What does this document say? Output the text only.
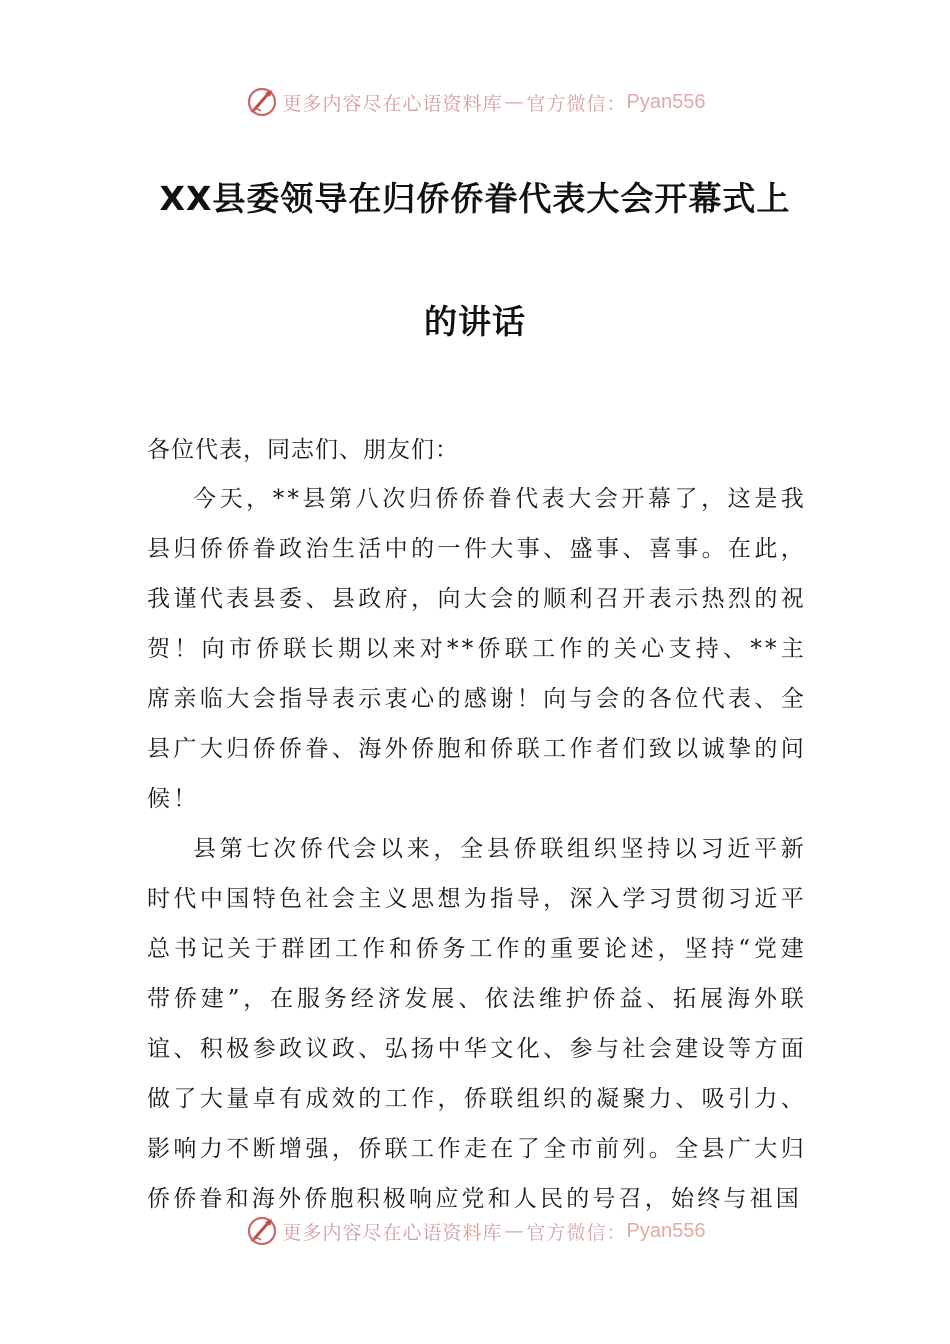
更多内容尽在心语资料库 — 官方微信： Pyan556
XX县委领导在归侨侨眷代表大会开幕式上
的讲话
各位代表，同志们、朋友们：

今天，**县第八次归侨侨眷代表大会开幕了，这是我县归侨侨眷政治生活中的一件大事、盛事、喜事。在此，我谨代表县委、县政府，向大会的顺利召开表示热烈的祝贺！向市侨联长期以来对**侨联工作的关心支持、**主席亲临大会指导表示衷心的感谢！向与会的各位代表、全县广大归侨侨眷、海外侨胞和侨联工作者们致以诚挚的问候！

县第七次侨代会以来，全县侨联组织坚持以习近平新时代中国特色社会主义思想为指导，深入学习贯彻习近平总书记关于群团工作和侨务工作的重要论述，坚持“党建带侨建”，在服务经济发展、依法维护侨益、拓展海外联谊、积极参政议政、弘扬中华文化、参与社会建设等方面做了大量卓有成效的工作，侨联组织的凝聚力、吸引力、影响力不断增强，侨联工作走在了全市前列。全县广大归侨侨眷和海外侨胞积极响应党和人民的号召，始终与祖国

更多内容尽在心语资料库 — 官方微信： Pyan556
